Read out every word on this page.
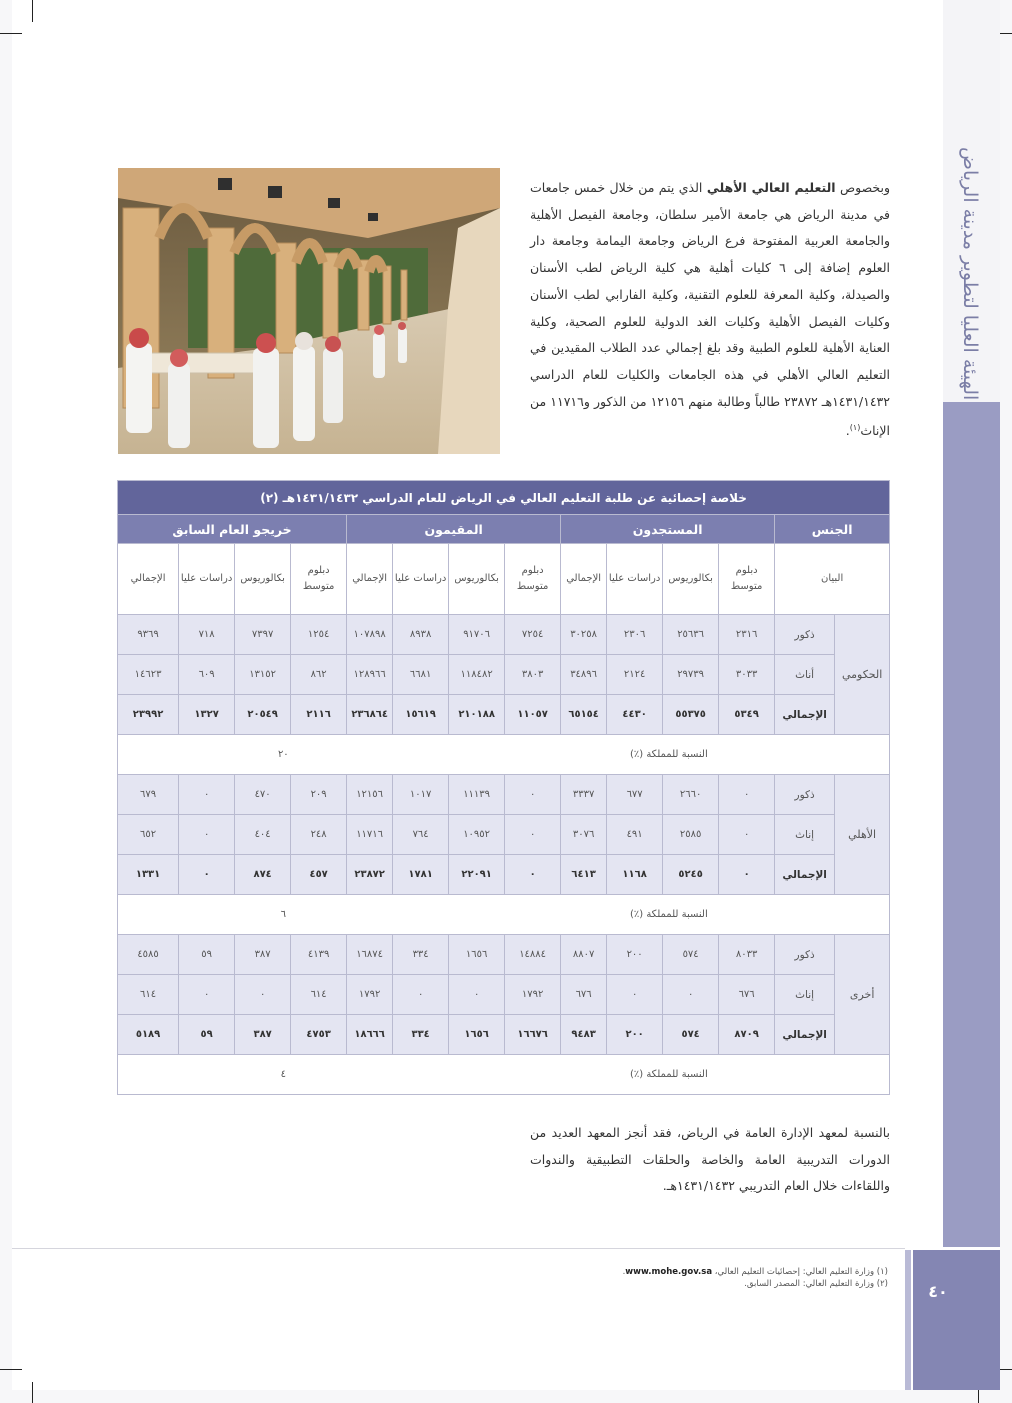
الهيئة العليا لتطوير مدينة الرياض
٤٠
وبخصوص التعليم العالي الأهلي الذي يتم من خلال خمس جامعات في مدينة الرياض هي جامعة الأمير سلطان، وجامعة الفيصل الأهلية والجامعة العربية المفتوحة فرع الرياض وجامعة اليمامة وجامعة دار العلوم إضافة إلى ٦ كليات أهلية هي كلية الرياض لطب الأسنان والصيدلة، وكلية المعرفة للعلوم التقنية، وكلية الفارابي لطب الأسنان وكليات الفيصل الأهلية وكليات الغد الدولية للعلوم الصحية، وكلية العناية الأهلية للعلوم الطبية وقد بلغ إجمالي عدد الطلاب المقيدين في التعليم العالي الأهلي في هذه الجامعات والكليات للعام الدراسي ١٤٣١/١٤٣٢هـ ٢٣٨٧٢ طالباً وطالبة منهم ١٢١٥٦ من الذكور و١١٧١٦ من الإناث$^{(١)}$.
خلاصة إحصائية عن طلبة التعليم العالي في الرياض للعام الدراسي ١٤٣١/١٤٣٢هـ (٢)													
الجنس		المستجدون				المقيمون				خريجو العام السابق			
البيان		دبلوم متوسط	بكالوريوس	دراسات عليا	الإجمالي	دبلوم متوسط	بكالوريوس	دراسات عليا	الإجمالي	دبلوم متوسط	بكالوريوس	دراسات عليا	الإجمالي
الحكومي	ذكور	٢٣١٦	٢٥٦٣٦	٢٣٠٦	٣٠٢٥٨	٧٢٥٤	٩١٧٠٦	٨٩٣٨	١٠٧٨٩٨	١٢٥٤	٧٣٩٧	٧١٨	٩٣٦٩
	أناث	٣٠٣٣	٢٩٧٣٩	٢١٢٤	٣٤٨٩٦	٣٨٠٣	١١٨٤٨٢	٦٦٨١	١٢٨٩٦٦	٨٦٢	١٣١٥٢	٦٠٩	١٤٦٢٣
	الإجمالي	٥٣٤٩	٥٥٣٧٥	٤٤٣٠	٦٥١٥٤	١١٠٥٧	٢١٠١٨٨	١٥٦١٩	٢٣٦٨٦٤	٢١١٦	٢٠٥٤٩	١٣٢٧	٢٣٩٩٢
النسبة للمملكة (٪)								٢٠					
الأهلي	ذكور	٠	٢٦٦٠	٦٧٧	٣٣٣٧	٠	١١١٣٩	١٠١٧	١٢١٥٦	٢٠٩	٤٧٠	٠	٦٧٩
	إناث	٠	٢٥٨٥	٤٩١	٣٠٧٦	٠	١٠٩٥٢	٧٦٤	١١٧١٦	٢٤٨	٤٠٤	٠	٦٥٢
	الإجمالي	٠	٥٢٤٥	١١٦٨	٦٤١٣	٠	٢٢٠٩١	١٧٨١	٢٣٨٧٢	٤٥٧	٨٧٤	٠	١٣٣١
النسبة للمملكة (٪)								٦					
أخرى	ذكور	٨٠٣٣	٥٧٤	٢٠٠	٨٨٠٧	١٤٨٨٤	١٦٥٦	٣٣٤	١٦٨٧٤	٤١٣٩	٣٨٧	٥٩	٤٥٨٥
	إناث	٦٧٦	٠	٠	٦٧٦	١٧٩٢	٠	٠	١٧٩٢	٦١٤	٠	٠	٦١٤
	الإجمالي	٨٧٠٩	٥٧٤	٢٠٠	٩٤٨٣	١٦٦٧٦	١٦٥٦	٣٣٤	١٨٦٦٦	٤٧٥٣	٣٨٧	٥٩	٥١٨٩
النسبة للمملكة (٪)								٤					
بالنسبة لمعهد الإدارة العامة في الرياض، فقد أنجز المعهد العديد من الدورات التدريبية العامة والخاصة والحلقات التطبيقية والندوات واللقاءات خلال العام التدريبي ١٤٣١/١٤٣٢هـ.
(١) وزارة التعليم العالي: إحصائيات التعليم العالي، www.mohe.gov.sa.
(٢) وزارة التعليم العالي: المصدر السابق.
